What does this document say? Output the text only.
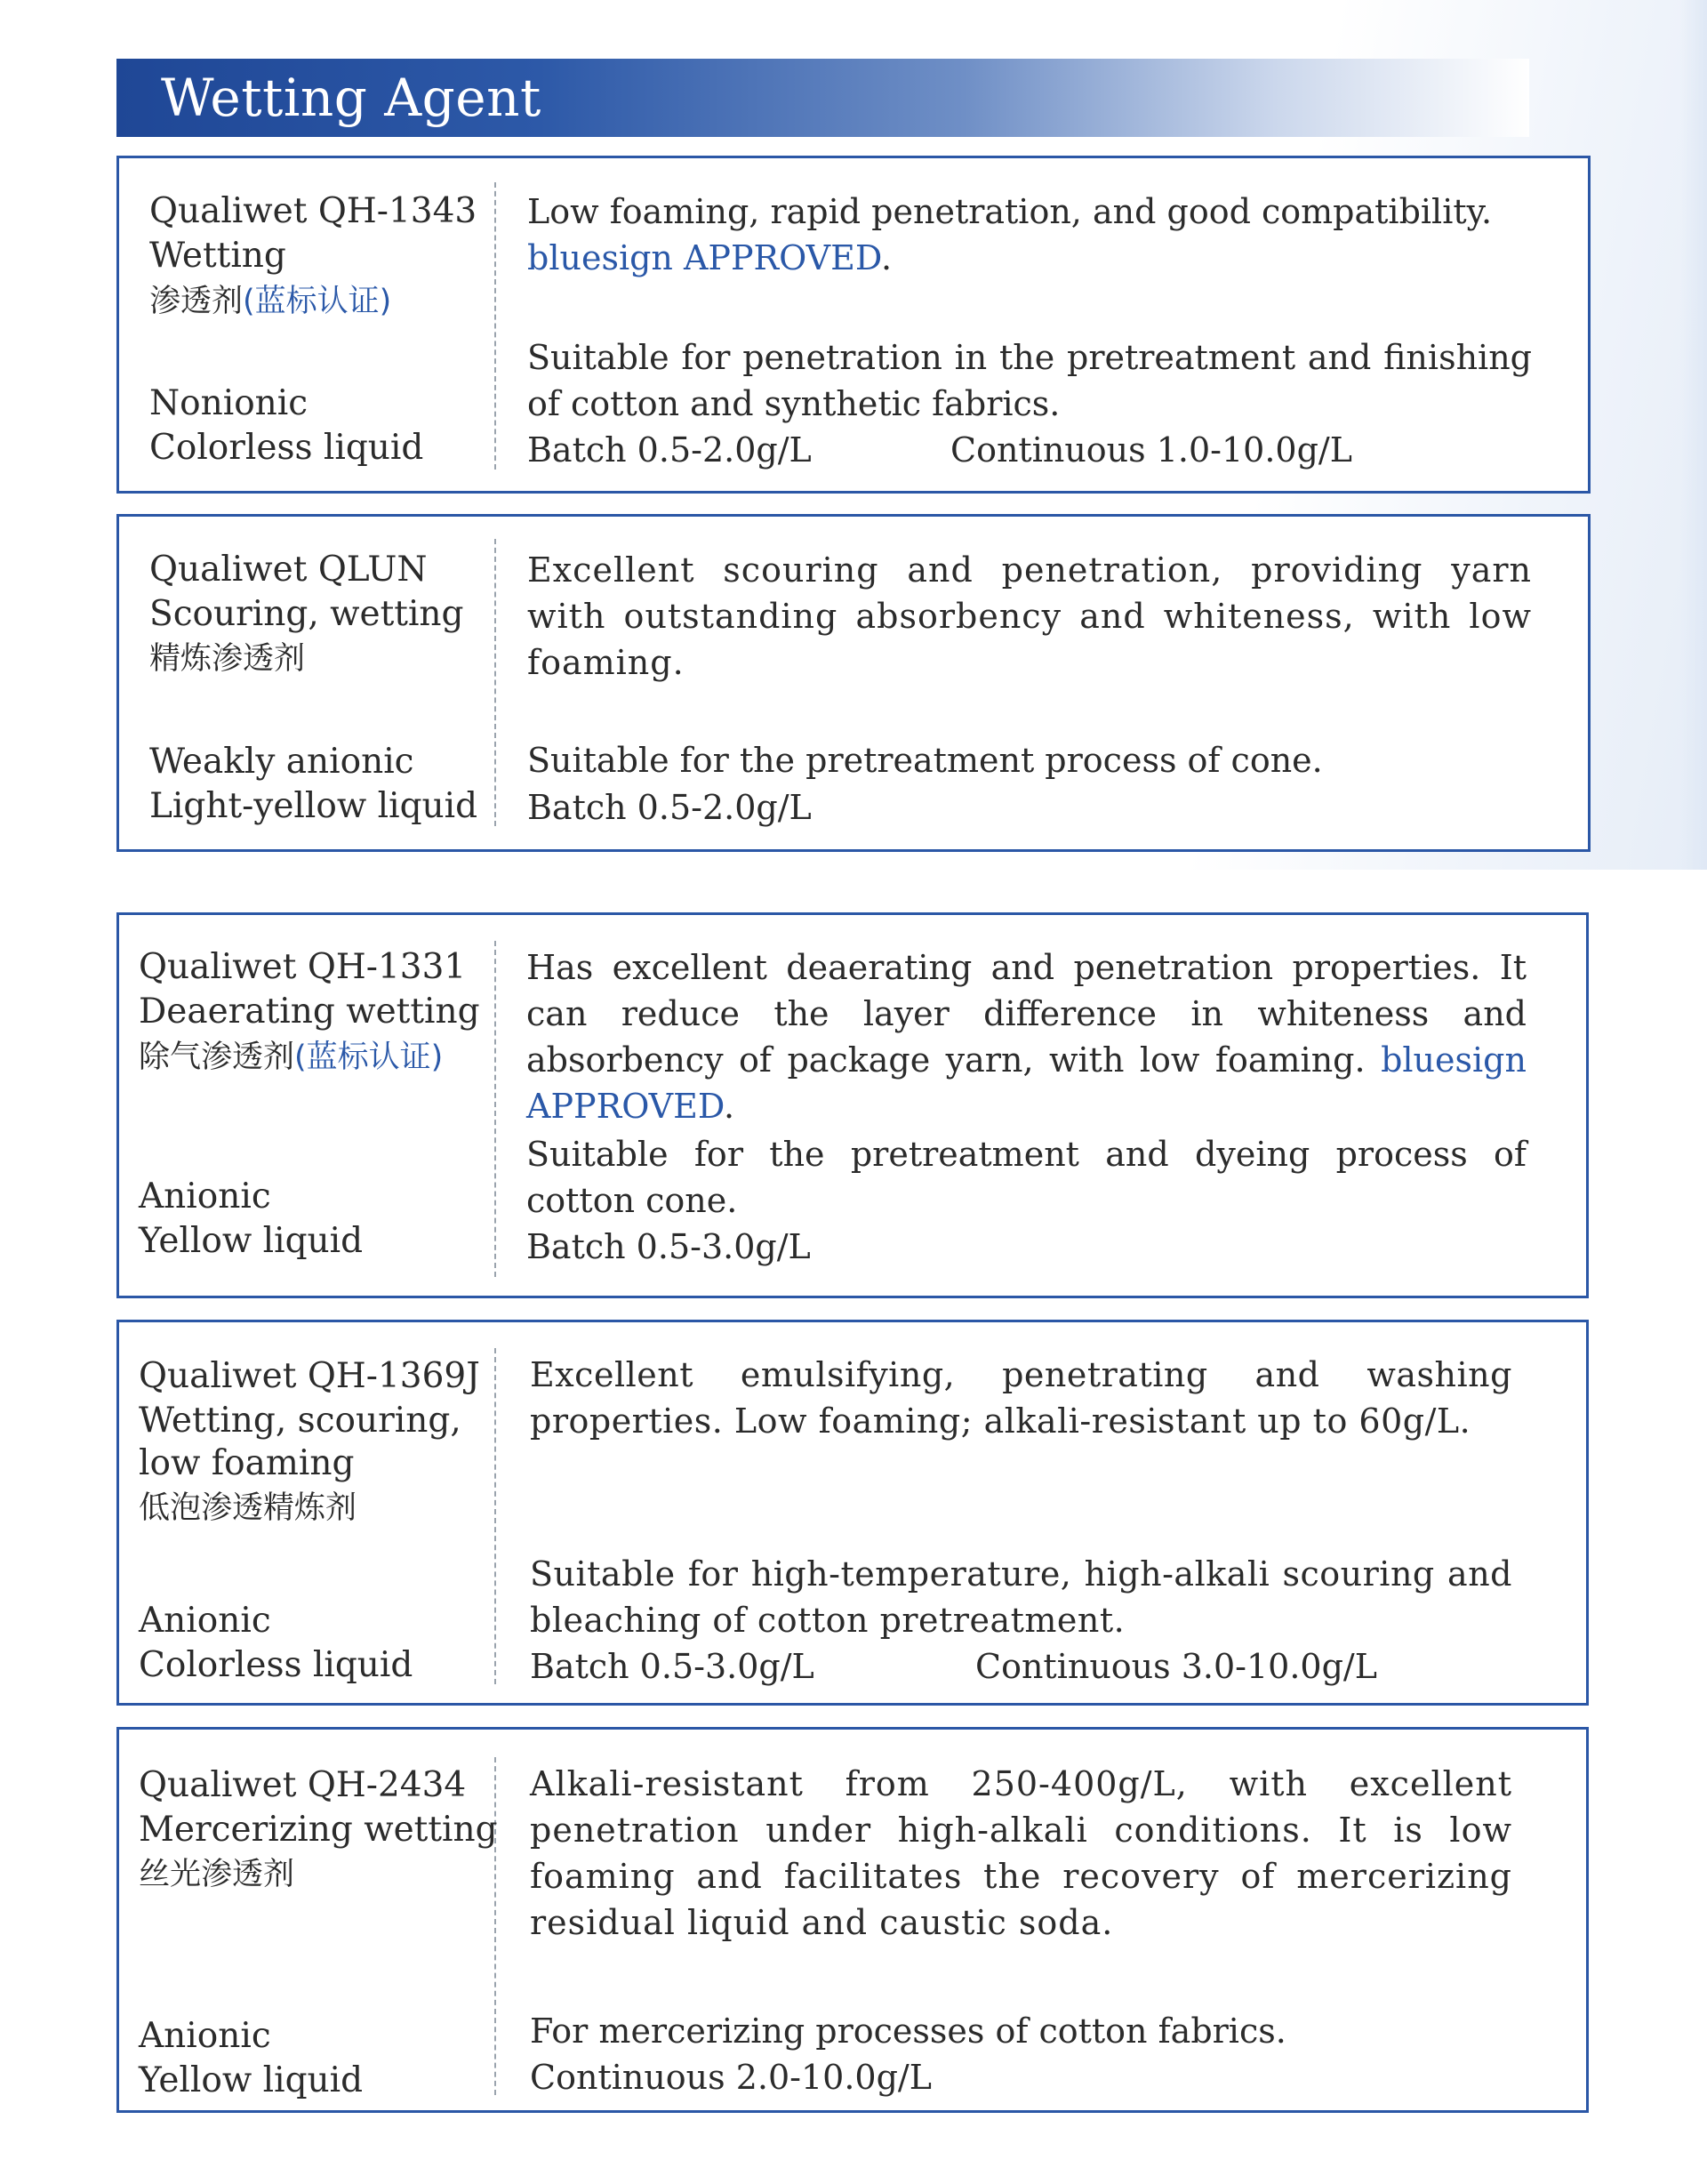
Wetting Agent
Qualiwet QH-1343
Wetting
渗透剂(蓝标认证)
Nonionic
Colorless liquid
Low foaming, rapid penetration, and good compatibility.
bluesign APPROVED.
Suitable for penetration in the pretreatment and finishing of cotton and synthetic fabrics.
Batch 0.5-2.0g/L	Continuous 1.0-10.0g/L
Qualiwet QLUN
Scouring, wetting
精炼渗透剂
Weakly anionic
Light-yellow liquid
Excellent scouring and penetration, providing yarn with outstanding absorbency and whiteness, with low foaming.
Suitable for the pretreatment process of cone.
Batch 0.5-2.0g/L
Qualiwet QH-1331
Deaerating wetting
除气渗透剂(蓝标认证)
Anionic
Yellow liquid
Has excellent deaerating and penetration properties. It can reduce the layer difference in whiteness and absorbency of package yarn, with low foaming. bluesign APPROVED.
Suitable for the pretreatment and dyeing process of cotton cone.
Batch 0.5-3.0g/L
Qualiwet QH-1369J
Wetting, scouring,
low foaming
低泡渗透精炼剂
Anionic
Colorless liquid
Excellent emulsifying, penetrating and washing properties. Low foaming; alkali-resistant up to 60g/L.
Suitable for high-temperature, high-alkali scouring and bleaching of cotton pretreatment.
Batch 0.5-3.0g/L	Continuous 3.0-10.0g/L
Qualiwet QH-2434
Mercerizing wetting
丝光渗透剂
Anionic
Yellow liquid
Alkali-resistant from 250-400g/L, with excellent penetration under high-alkali conditions. It is low foaming and facilitates the recovery of mercerizing residual liquid and caustic soda.
For mercerizing processes of cotton fabrics.
Continuous 2.0-10.0g/L
